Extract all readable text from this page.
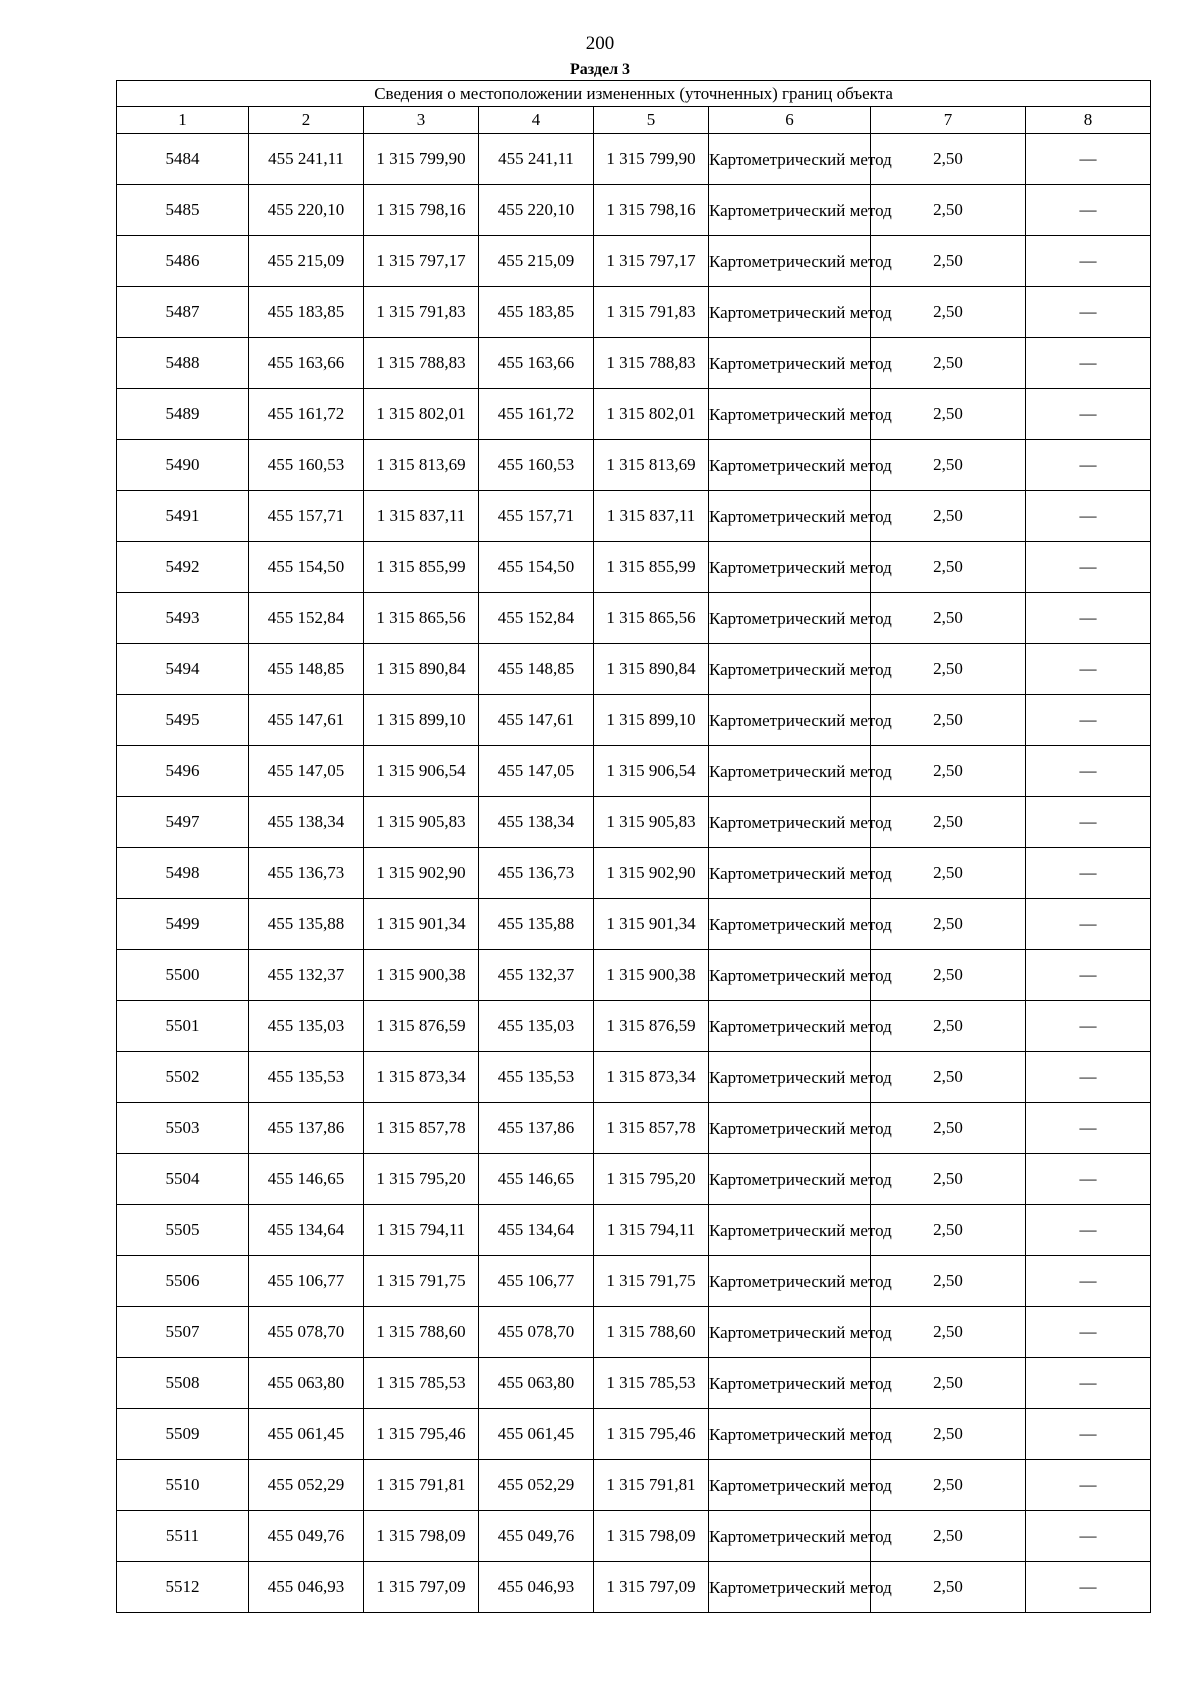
200
Раздел 3
Сведения о местоположении измененных (уточненных) границ объекта							
1	2	3	4	5	6	7	8
5484	455 241,11	1 315 799,90	455 241,11	1 315 799,90	Картометрический метод	2,50	—
5485	455 220,10	1 315 798,16	455 220,10	1 315 798,16	Картометрический метод	2,50	—
5486	455 215,09	1 315 797,17	455 215,09	1 315 797,17	Картометрический метод	2,50	—
5487	455 183,85	1 315 791,83	455 183,85	1 315 791,83	Картометрический метод	2,50	—
5488	455 163,66	1 315 788,83	455 163,66	1 315 788,83	Картометрический метод	2,50	—
5489	455 161,72	1 315 802,01	455 161,72	1 315 802,01	Картометрический метод	2,50	—
5490	455 160,53	1 315 813,69	455 160,53	1 315 813,69	Картометрический метод	2,50	—
5491	455 157,71	1 315 837,11	455 157,71	1 315 837,11	Картометрический метод	2,50	—
5492	455 154,50	1 315 855,99	455 154,50	1 315 855,99	Картометрический метод	2,50	—
5493	455 152,84	1 315 865,56	455 152,84	1 315 865,56	Картометрический метод	2,50	—
5494	455 148,85	1 315 890,84	455 148,85	1 315 890,84	Картометрический метод	2,50	—
5495	455 147,61	1 315 899,10	455 147,61	1 315 899,10	Картометрический метод	2,50	—
5496	455 147,05	1 315 906,54	455 147,05	1 315 906,54	Картометрический метод	2,50	—
5497	455 138,34	1 315 905,83	455 138,34	1 315 905,83	Картометрический метод	2,50	—
5498	455 136,73	1 315 902,90	455 136,73	1 315 902,90	Картометрический метод	2,50	—
5499	455 135,88	1 315 901,34	455 135,88	1 315 901,34	Картометрический метод	2,50	—
5500	455 132,37	1 315 900,38	455 132,37	1 315 900,38	Картометрический метод	2,50	—
5501	455 135,03	1 315 876,59	455 135,03	1 315 876,59	Картометрический метод	2,50	—
5502	455 135,53	1 315 873,34	455 135,53	1 315 873,34	Картометрический метод	2,50	—
5503	455 137,86	1 315 857,78	455 137,86	1 315 857,78	Картометрический метод	2,50	—
5504	455 146,65	1 315 795,20	455 146,65	1 315 795,20	Картометрический метод	2,50	—
5505	455 134,64	1 315 794,11	455 134,64	1 315 794,11	Картометрический метод	2,50	—
5506	455 106,77	1 315 791,75	455 106,77	1 315 791,75	Картометрический метод	2,50	—
5507	455 078,70	1 315 788,60	455 078,70	1 315 788,60	Картометрический метод	2,50	—
5508	455 063,80	1 315 785,53	455 063,80	1 315 785,53	Картометрический метод	2,50	—
5509	455 061,45	1 315 795,46	455 061,45	1 315 795,46	Картометрический метод	2,50	—
5510	455 052,29	1 315 791,81	455 052,29	1 315 791,81	Картометрический метод	2,50	—
5511	455 049,76	1 315 798,09	455 049,76	1 315 798,09	Картометрический метод	2,50	—
5512	455 046,93	1 315 797,09	455 046,93	1 315 797,09	Картометрический метод	2,50	—
